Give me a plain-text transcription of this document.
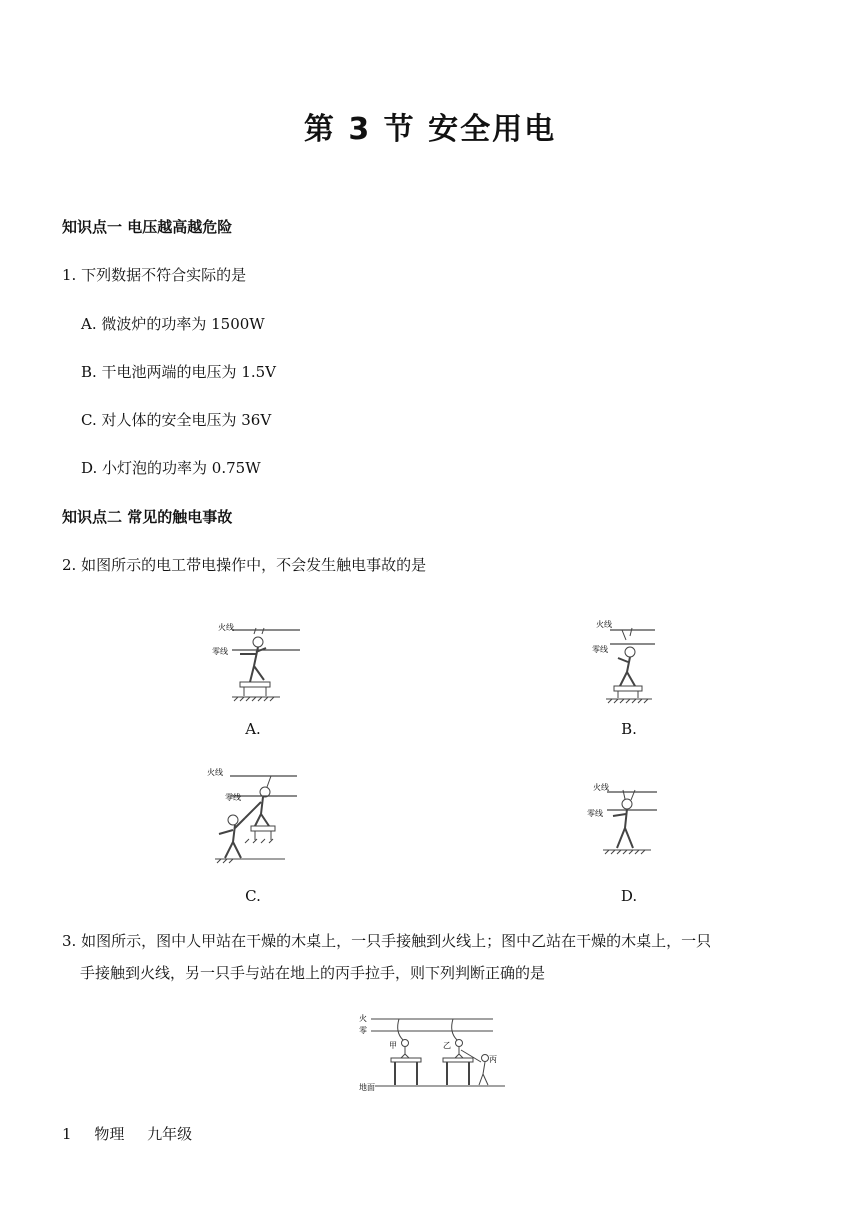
第 3 节 安全用电
知识点一 电压越高越危险
1. 下列数据不符合实际的是
A. 微波炉的功率为 1500W
B. 干电池两端的电压为 1.5V
C. 对人体的安全电压为 36V
D. 小灯泡的功率为 0.75W
知识点二 常见的触电事故
2. 如图所示的电工带电操作中，不会发生触电事故的是
火线
零线
A.
火线
零线
B.
火线
零线
C.
火线
零线
D.
3. 如图所示，图中人甲站在干燥的木桌上，一只手接触到火线上；图中乙站在干燥的木桌上，一只
手接触到火线，另一只手与站在地上的丙手拉手，则下列判断正确的是
火
零
甲	乙
丙
地面
1 物理 九年级
